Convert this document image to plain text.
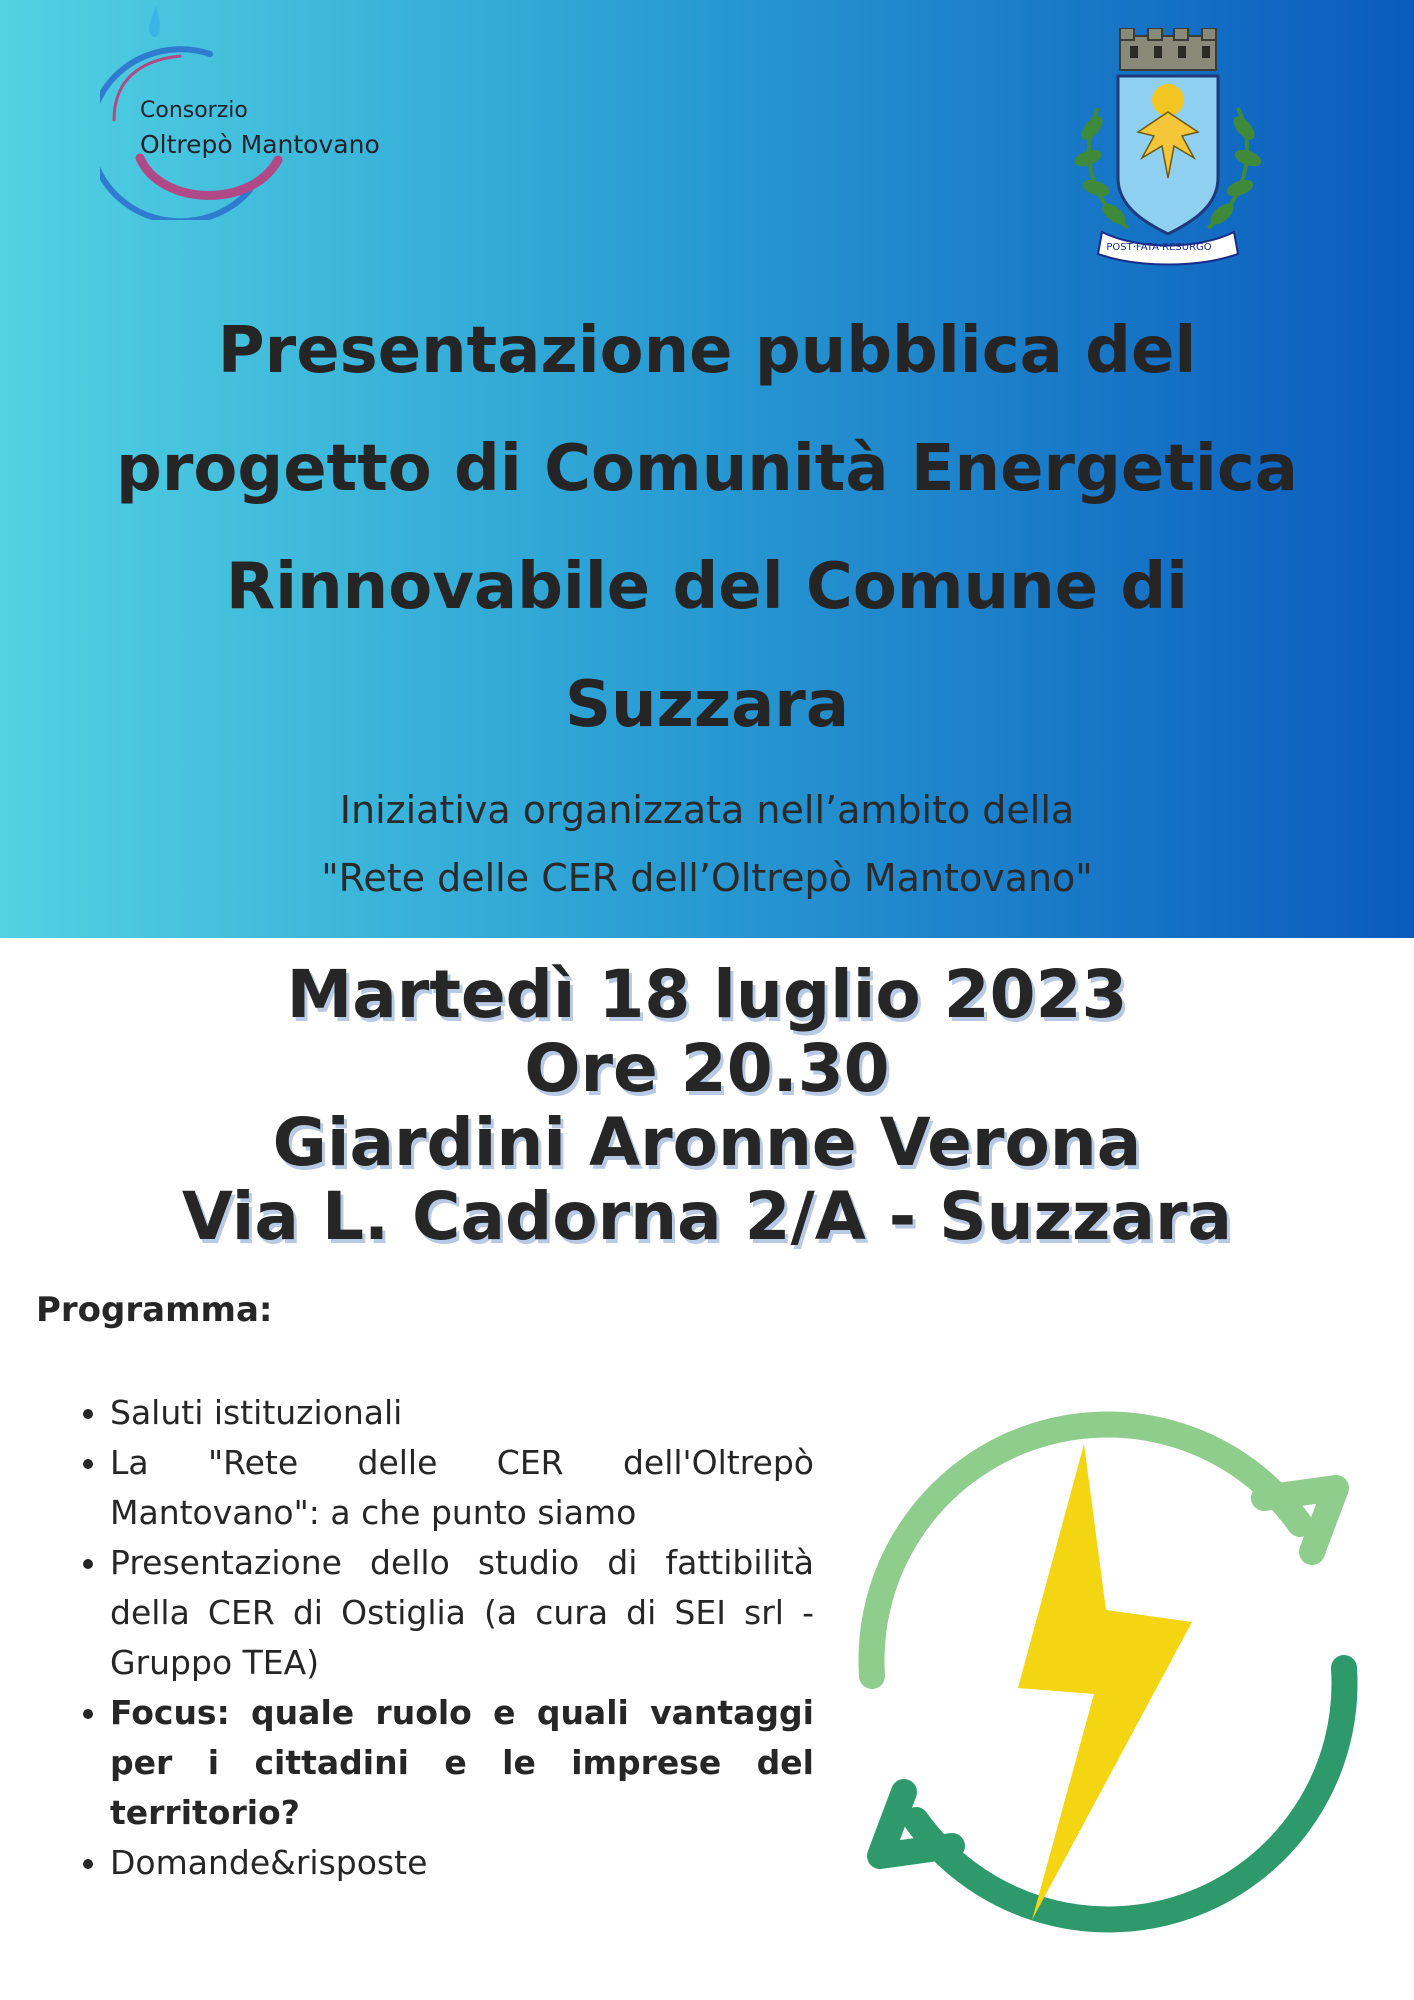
Consorzio
Oltrepò Mantovano
POST·FATA·RESURGO
Presentazione pubblica del
progetto di Comunità Energetica
Rinnovabile del Comune di
Suzzara
Iniziativa organizzata nell’ambito della
"Rete delle CER dell’Oltrepò Mantovano"
Martedì 18 luglio 2023
Ore 20.30
Giardini Aronne Verona
Via L. Cadorna 2/A - Suzzara
Programma:
• Saluti istituzionali
• La "Rete delle CER dell'Oltrepò Mantovano": a che punto siamo
• Presentazione dello studio di fattibilità della CER di Ostiglia (a cura di SEI srl - Gruppo TEA)
• Focus: quale ruolo e quali vantaggi per i cittadini e le imprese del territorio?
• Domande&risposte
